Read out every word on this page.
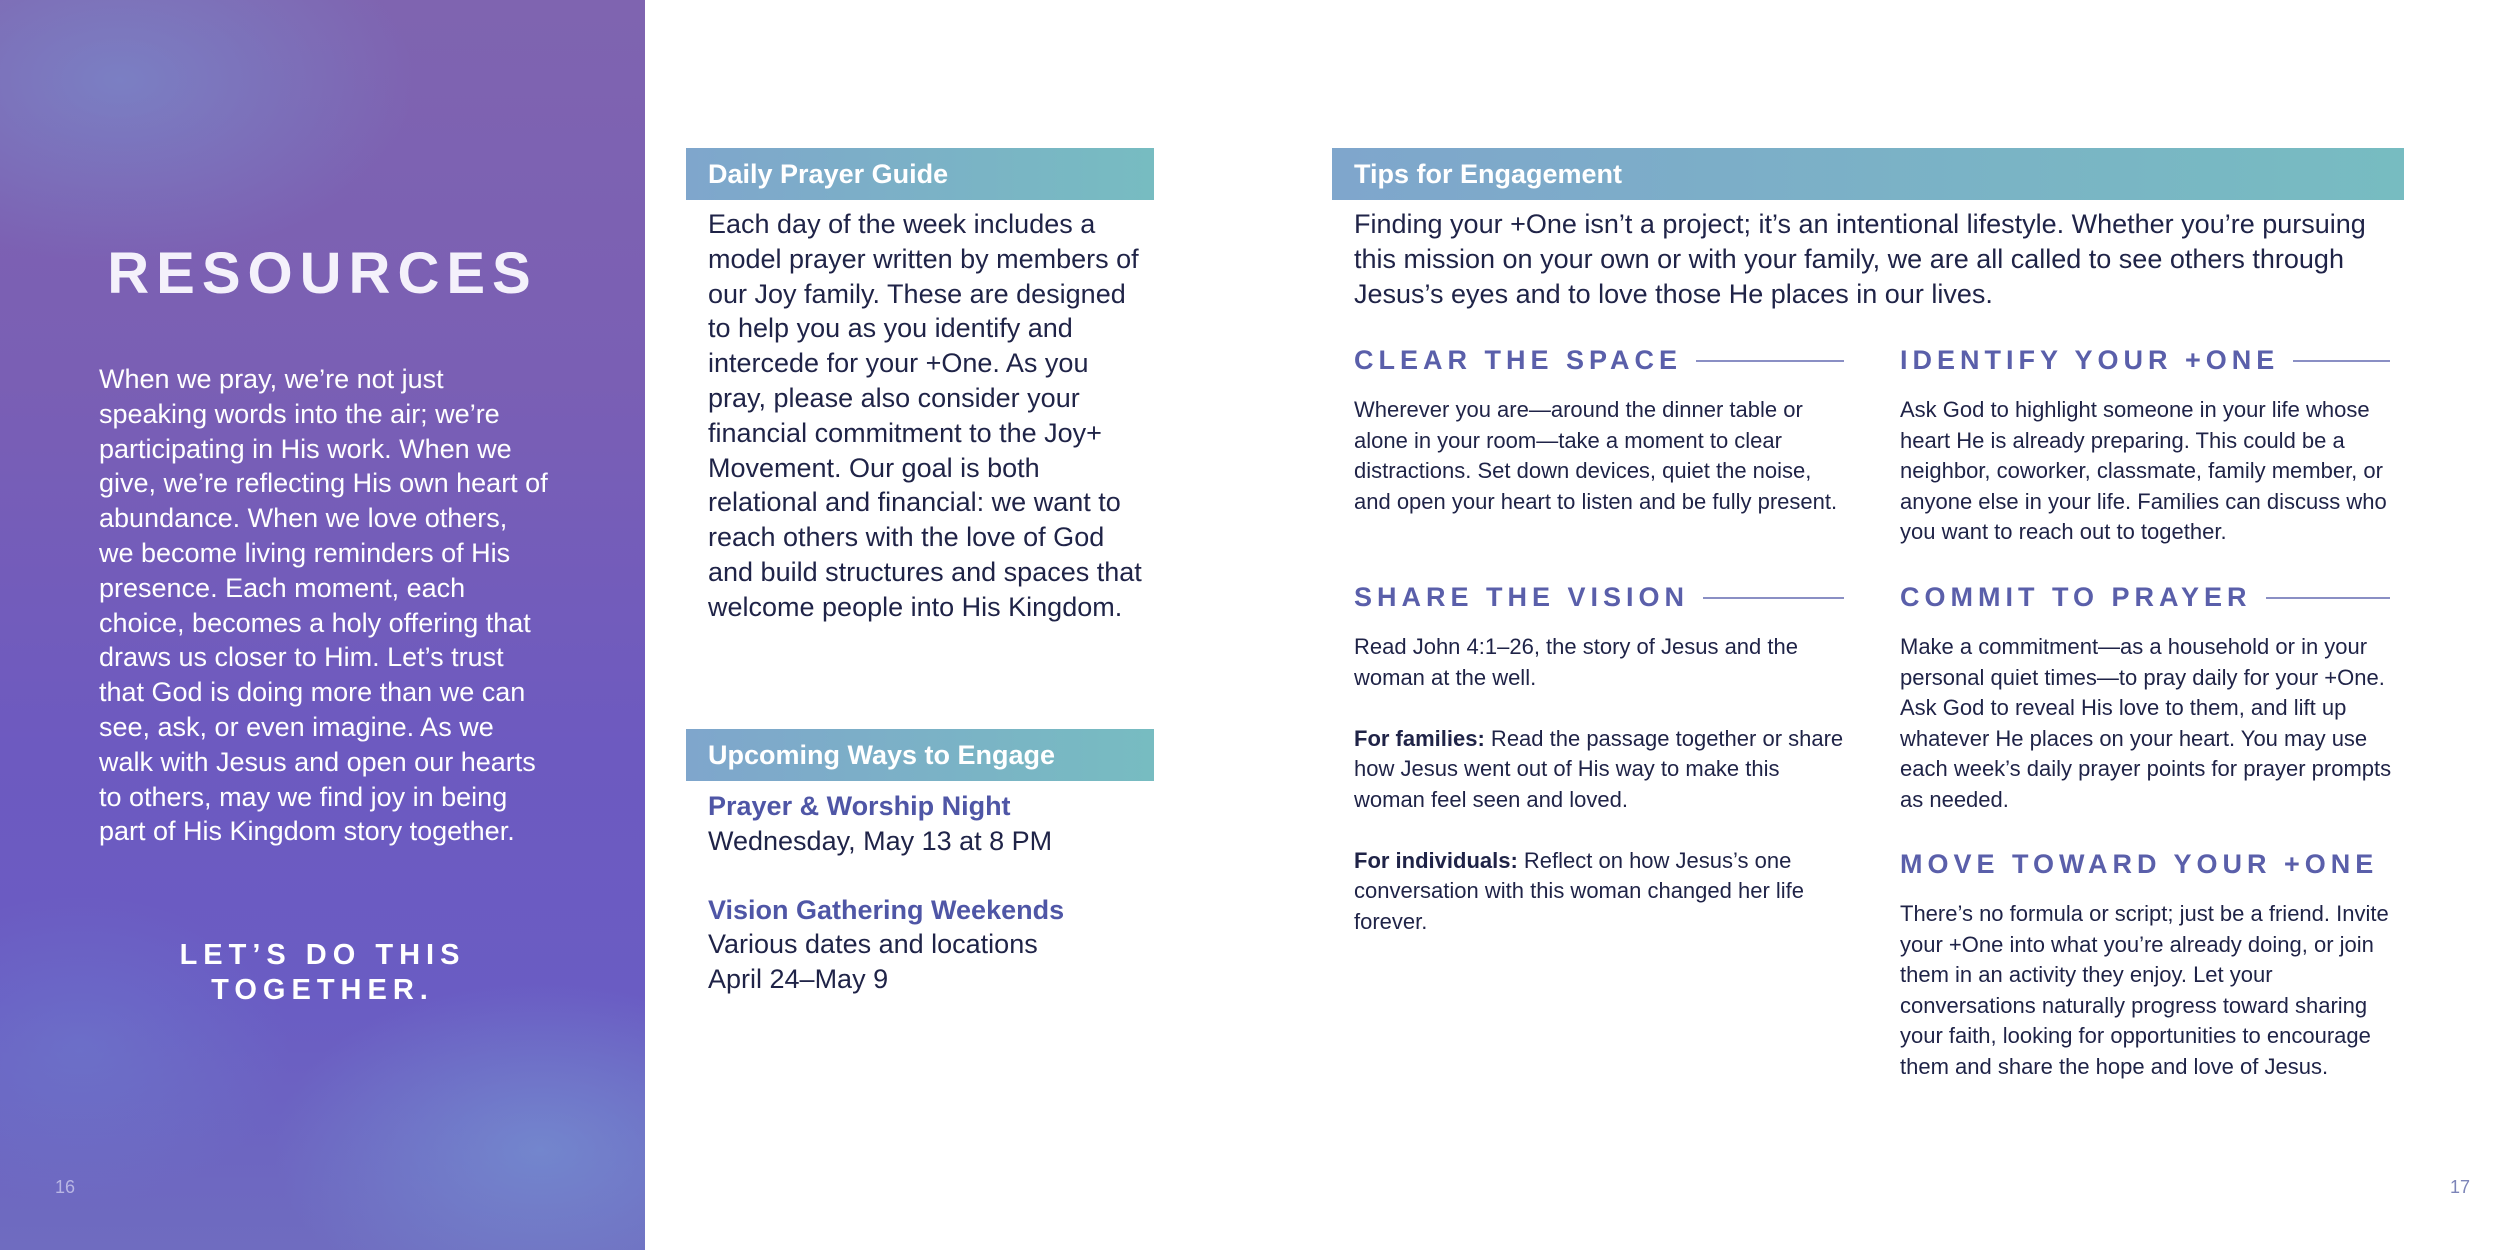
RESOURCES
When we pray, we’re not just speaking words into the air; we’re participating in His work. When we give, we’re reflecting His own heart of abundance. When we love others, we become living reminders of His presence. Each moment, each choice, becomes a holy offering that draws us closer to Him. Let’s trust that God is doing more than we can see, ask, or even imagine. As we walk with Jesus and open our hearts to others, may we find joy in being part of His Kingdom story together.
LET’S DO THIS
TOGETHER.
16
Daily Prayer Guide
Each day of the week includes a model prayer written by members of our Joy family. These are designed to help you as you identify and intercede for your +One. As you pray, please also consider your financial commitment to the Joy+ Movement. Our goal is both relational and financial: we want to reach others with the love of God and build structures and spaces that welcome people into His Kingdom.
Upcoming Ways to Engage
Prayer & Worship Night
Wednesday, May 13 at 8 PM
Vision Gathering Weekends
Various dates and locations
April 24–May 9
Tips for Engagement
Finding your +One isn’t a project; it’s an intentional lifestyle. Whether you’re pursuing this mission on your own or with your family, we are all called to see others through Jesus’s eyes and to love those He places in our lives.
CLEAR THE SPACE
Wherever you are—around the dinner table or alone in your room—take a moment to clear distractions. Set down devices, quiet the noise, and open your heart to listen and be fully present.
SHARE THE VISION

Read John 4:1–26, the story of Jesus and the woman at the well.

For families: Read the passage together or share how Jesus went out of His way to make this woman feel seen and loved.

For individuals: Reflect on how Jesus’s one conversation with this woman changed her life forever.

IDENTIFY YOUR +ONE
Ask God to highlight someone in your life whose heart He is already preparing. This could be a neighbor, coworker, classmate, family member, or anyone else in your life. Families can discuss who you want to reach out to together.
COMMIT TO PRAYER
Make a commitment—as a household or in your personal quiet times—to pray daily for your +One. Ask God to reveal His love to them, and lift up whatever He places on your heart. You may use each week’s daily prayer points for prayer prompts as needed.
MOVE TOWARD YOUR +ONE
There’s no formula or script; just be a friend. Invite your +One into what you’re already doing, or join them in an activity they enjoy. Let your conversations naturally progress toward sharing your faith, looking for opportunities to encourage them and share the hope and love of Jesus.
17
